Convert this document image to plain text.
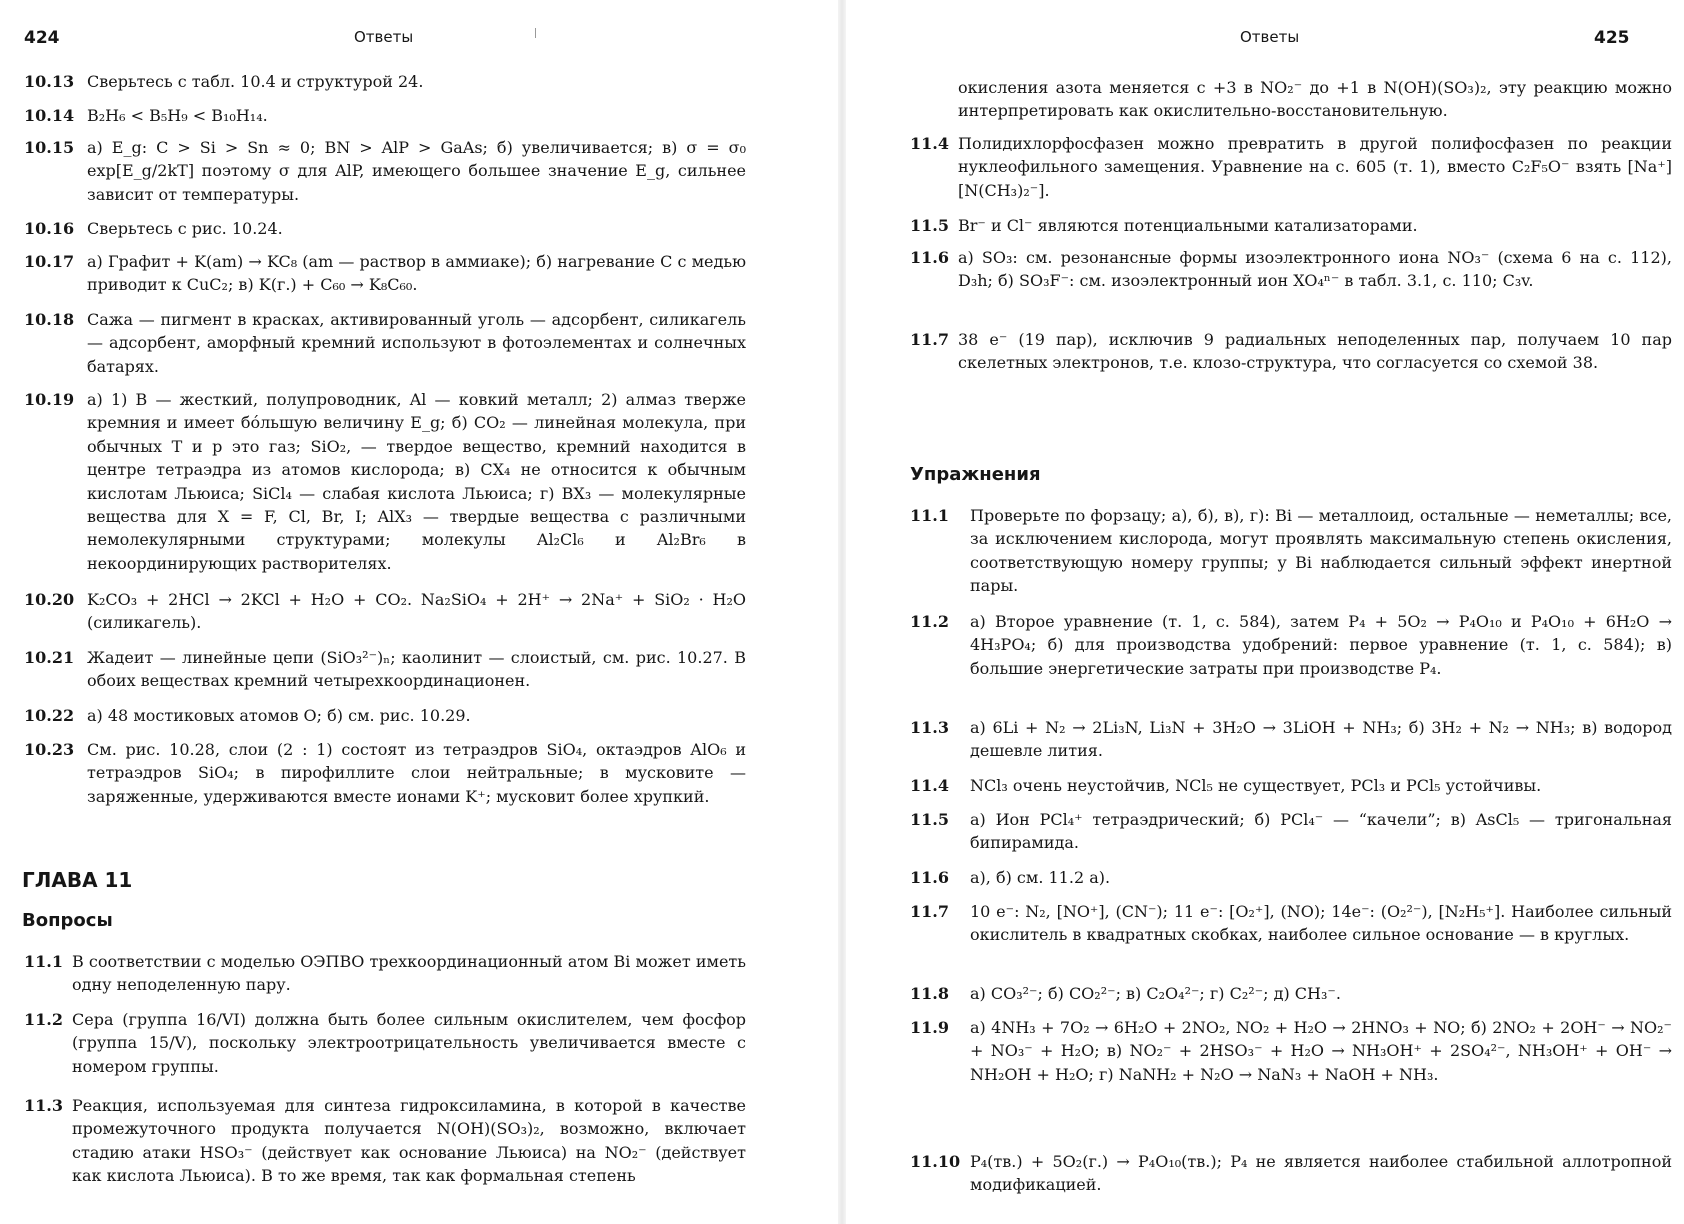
424	Ответы
10.13 Сверьтесь с табл. 10.4 и структурой 24.
10.14 B₂H₆ < B₅H₉ < B₁₀H₁₄.
10.15 а) E_g: C > Si > Sn ≈ 0; BN > AlP > GaAs; б) увеличивается; в) σ = σ₀ exp[E_g/2kT] поэтому σ для AlP, имеющего большее значение E_g, сильнее зависит от температуры.
10.16 Сверьтесь с рис. 10.24.
10.17 а) Графит + K(am) → KC₈ (am — раствор в аммиаке); б) нагревание C с медью приводит к CuC₂; в) K(г.) + C₆₀ → K₈C₆₀.
10.18 Сажа — пигмент в красках, активированный уголь — адсорбент, силикагель — адсорбент, аморфный кремний используют в фотоэлементах и солнечных батарях.
10.19 а) 1) B — жесткий, полупроводник, Al — ковкий металл; 2) алмаз тверже кремния и имеет бóльшую величину E_g; б) CO₂ — линейная молекула, при обычных T и p это газ; SiO₂, — твердое вещество, кремний находится в центре тетраэдра из атомов кислорода; в) CX₄ не относится к обычным кислотам Льюиса; SiCl₄ — слабая кислота Льюиса; г) BX₃ — молекулярные вещества для X = F, Cl, Br, I; AlX₃ — твердые вещества с различными немолекулярными структурами; молекулы Al₂Cl₆ и Al₂Br₆ в некоординирующих растворителях.
10.20 K₂CO₃ + 2HCl → 2KCl + H₂O + CO₂. Na₂SiO₄ + 2H⁺ → 2Na⁺ + SiO₂ · H₂O (силикагель).
10.21 Жадеит — линейные цепи (SiO₃²⁻)ₙ; каолинит — слоистый, см. рис. 10.27. В обоих веществах кремний четырехкоординационен.
10.22 а) 48 мостиковых атомов O; б) см. рис. 10.29.
10.23 См. рис. 10.28, слои (2 : 1) состоят из тетраэдров SiO₄, октаэдров AlO₆ и тетраэдров SiO₄; в пирофиллите слои нейтральные; в мусковите — заряженные, удерживаются вместе ионами K⁺; мусковит более хрупкий.
ГЛАВА 11
Вопросы
11.1 В соответствии с моделью ОЭПВО трехкоординационный атом Bi может иметь одну неподеленную пару.
11.2 Сера (группа 16/VI) должна быть более сильным окислителем, чем фосфор (группа 15/V), поскольку электроотрицательность увеличивается вместе с номером группы.
11.3 Реакция, используемая для синтеза гидроксиламина, в которой в качестве промежуточного продукта получается N(OH)(SO₃)₂, возможно, включает стадию атаки HSO₃⁻ (действует как основание Льюиса) на NO₂⁻ (действует как кислота Льюиса). В то же время, так как формальная степень
Ответы	425
окисления азота меняется с +3 в NO₂⁻ до +1 в N(OH)(SO₃)₂, эту реакцию можно интерпретировать как окислительно-восстановительную.
11.4 Полидихлорфосфазен можно превратить в другой полифосфазен по реакции нуклеофильного замещения. Уравнение на с. 605 (т. 1), вместо C₂F₅O⁻ взять [Na⁺][N(CH₃)₂⁻].
11.5 Br⁻ и Cl⁻ являются потенциальными катализаторами.
11.6 а) SO₃: см. резонансные формы изоэлектронного иона NO₃⁻ (схема 6 на с. 112), D₃h; б) SO₃F⁻: см. изоэлектронный ион XO₄ⁿ⁻ в табл. 3.1, с. 110; C₃v.
11.7 38 e⁻ (19 пар), исключив 9 радиальных неподеленных пар, получаем 10 пар скелетных электронов, т.е. клозо-структура, что согласуется со схемой 38.
Упражнения
11.1 Проверьте по форзацу; а), б), в), г): Bi — металлоид, остальные — неметаллы; все, за исключением кислорода, могут проявлять максимальную степень окисления, соответствующую номеру группы; у Bi наблюдается сильный эффект инертной пары.
11.2 а) Второе уравнение (т. 1, с. 584), затем P₄ + 5O₂ → P₄O₁₀ и P₄O₁₀ + 6H₂O → 4H₃PO₄; б) для производства удобрений: первое уравнение (т. 1, с. 584); в) большие энергетические затраты при производстве P₄.
11.3 а) 6Li + N₂ → 2Li₃N, Li₃N + 3H₂O → 3LiOH + NH₃; б) 3H₂ + N₂ → NH₃; в) водород дешевле лития.
11.4 NCl₃ очень неустойчив, NCl₅ не существует, PCl₃ и PCl₅ устойчивы.
11.5 а) Ион PCl₄⁺ тетраэдрический; б) PCl₄⁻ — “качели”; в) AsCl₅ — тригональная бипирамида.
11.6 а), б) см. 11.2 а).
11.7 10 e⁻: N₂, [NO⁺], (CN⁻); 11 e⁻: [O₂⁺], (NO); 14e⁻: (O₂²⁻), [N₂H₅⁺]. Наиболее сильный окислитель в квадратных скобках, наиболее сильное основание — в круглых.
11.8 а) CO₃²⁻; б) CO₂²⁻; в) C₂O₄²⁻; г) C₂²⁻; д) CH₃⁻.
11.9 а) 4NH₃ + 7O₂ → 6H₂O + 2NO₂, NO₂ + H₂O → 2HNO₃ + NO; б) 2NO₂ + 2OH⁻ → NO₂⁻ + NO₃⁻ + H₂O; в) NO₂⁻ + 2HSO₃⁻ + H₂O → NH₃OH⁺ + 2SO₄²⁻, NH₃OH⁺ + OH⁻ → NH₂OH + H₂O; г) NaNH₂ + N₂O → NaN₃ + NaOH + NH₃.
11.10 P₄(тв.) + 5O₂(г.) → P₄O₁₀(тв.); P₄ не является наиболее стабильной аллотропной модификацией.
